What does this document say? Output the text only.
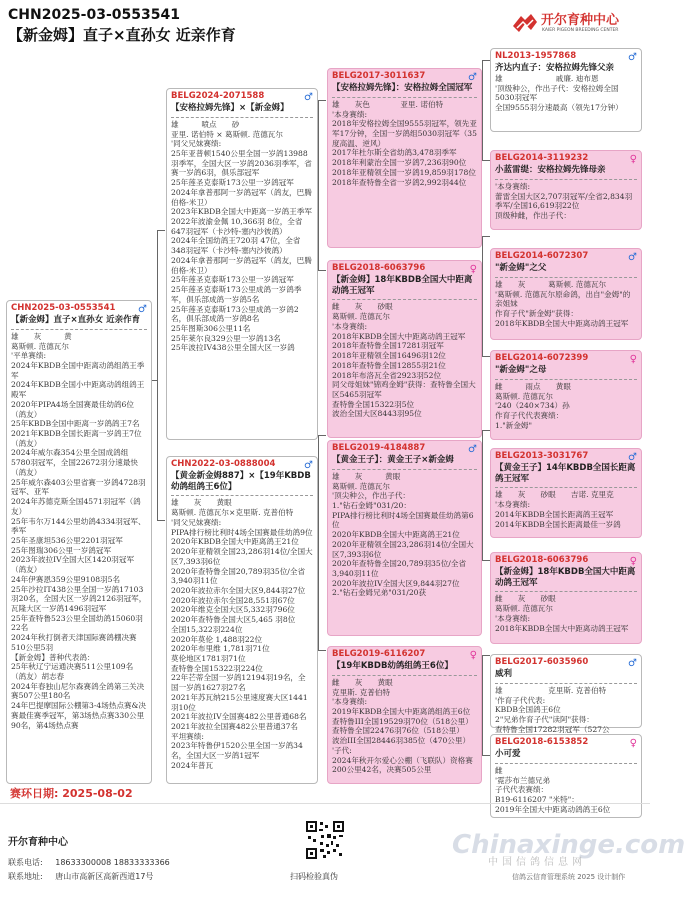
CHN2025-03-0553541
【新金姆】直子×直孙女 近亲作育
开尔育种中心
KAIER PIGEON BREEDING CENTER
CHN2025-03-0553541	♂
【新金姆】直子×直孙女 近亲作育
雄　　灰　　　黄
葛斯顿. 范德瓦尔
'平单赛绩:
2024年KBDB全国中距离动鸽组鸽王季军
2024年KBDB全国小中距离动鸽组鸽王殿军
2020年PIPA4场全国赛最佳幼鸽6位（鸽友）
25年KBDB全国中距离一岁鸽鸽王7名
2021年KBDB全国长距离一岁鸽王7位（鸽友）
2024年威尔森354公里全国成鸽组5780羽冠军，全国22672羽分速最快（鸽友）
25年威尔森403公里省赛一岁鸽4728羽冠军、亚军
2024年苏德克斯全国4571羽冠军（鸽友）
25年韦尔万144公里幼鸽4334羽冠军、季军
25年圣康坦536公里2201羽冠军
25年图瑞306公里一岁鸽冠军
2023年波拉IV全国大区1420羽冠军（鸽友）
24年伊赛恩359公里9108羽5名
25年沙拉IT438公里全国一岁鸽17103羽20名，全国大区一岁鸽2126羽冠军，瓦隆大区一岁鸽1496羽冠军
25年查特鲁523公里全国幼鸽15060羽22名
2024年秋打倒者天津国际赛鸽棚决赛510公里5羽
【新金姆】普种代表鸽：
25年秋辽宁运通决赛511公里109名（鸽友）胡志春
2024年春独山尼尔森赛鸽全鸽第三关决赛507公里180名
24年巴提摩国际公棚第3-4场热点赛&决赛最佳赛季冠军，第3场热点赛330公里90名，第4场热点赛
BELG2024-2071588	♂
【安格拉姆先锋】×【新金姆】
雄　　　喷点　　砂
亚里. 诺伯特 × 葛斯顿. 范德瓦尔
'同父兄妹赛绩:
25年亚普顿1540公里全国一岁鸽13988羽季军，全国大区一岁鸽2036羽季军，省赛一岁鸽6羽，俱乐部冠军
25年莲圣克泰斯173公里一岁鸽冠军
2024年拿普那阿一岁鸽冠军（鸽友，巴腾伯格-米卫）
2023年KBDB全国大中距离一岁鸽王季军
2022年波渝金佩 10,366羽 8位，全省647羽冠军（卡沙特-塞内沙彼鸽）
2024年全国幼鸽王720羽 47位，全省348羽冠军（卡沙特-塞内沙彼鸽）
2024年拿普那阿一岁鸽冠军（鸽友，巴腾伯格-米卫）
25年莲圣克泰斯173公里一岁鸽冠军
25年莲圣克泰斯173公里成鸽一岁鸽季军，俱乐部成鸽一岁鸽5名
25年莲圣克泰斯173公里成鸽一岁鸽2名，俱乐部成鸽一岁鸽8名
25年图斯306公里11名
25年莱尔良329公里一岁鸽13名
25年波拉IV438公里全国大区一岁鸽
CHN2022-03-0888004	♂
【黄金新金姆887】×【19年KBDB幼鸽组鸽王6位】
雄　　灰　　黄眼
葛斯顿. 范德瓦尔×克里斯. 克普伯特
'同父兄妹赛绩:
PIPA排行榜比利时4场全国赛最佳幼鸽9位
2020年KBDB全国大中距离鸽王21位
2020年亚精领全国23,286羽14位/全国大区7,393羽6位
2020年查特鲁全国20,789羽35位/全省3,940羽11位
2020年波拉赤尔全国大区9,844羽27位
2020年波拉赤尔全国28,551羽67位
2020年维克全国大区5,332羽796位
2020年查特鲁全国大区5,465 羽8位
全国15,322羽224位
2020年莫伦 1,488羽22位
2020年布里维 1,781羽71位
莫伦地区1781羽71位
查特鲁全国15322羽224位
22年芒蒂全国一岁鸽12194羽19名，全国一岁鸽1627羽27名
2021年苏瓦纳215公里速度赛大区1441羽10位
2021年波拉IV全国赛482公里普通68名
2021年波拉全国赛482公里普通37名
平坦赛绩:
2023年特鲁伊1520公里全国一岁鸽34名，全国大区一岁鸽1冠军
2024年普瓦
BELG2017-3011637	♂
【安格拉姆先锋】：安格拉姆全国冠军
雄　　灰色　　　　亚里. 诺伯特
'本身赛绩:
2018年安格拉姆全国9555羽冠军，领先亚军17分钟，全国一岁鸽组5030羽冠军（35度高温、逆风）
2017年杜尔斯全省幼鸽3,478羽季军
2018年利蒙治全国一岁鸽7,236羽90位
2018年亚精领全国一岁鸽19,859羽178位
2018年查特鲁全省一岁鸽2,992羽44位
BELG2018-6063796	♀
【新金姆】18年KBDB全国大中距离动鸽王冠军
雌　　灰　　砂眼
葛斯顿. 范德瓦尔
'本身赛绩:
2018年KBDB全国大中距离动鸽王冠军
2018年查特鲁全国17281羽冠军
2018年亚精领全国16496羽12位
2018年查特鲁全国12855羽21位
2018年布洛瓦全省2923羽52位
同父母姐妹"锦鸡金姆"获得：查特鲁全国大区5465羽冠军
查特鲁全国15322羽5位
波治全国大区8443羽95位
BELG2019-4184887	♂
【黄金王子】：黄金王子×新金姆
雄　　灰　　　黄眼
葛斯顿. 范德瓦尔
'顶尖种公，作出子代：
1."钻石金姆"031/20：
PIPA排行榜比利时4场全国赛最佳幼鸽第6位
2020年KBDB全国大中距离鸽王21位
2020年亚精领全国23,286羽14位/全国大区7,393羽6位
2020年查特鲁全国20,789羽35位/全省3,940羽11位
2020年波拉IV全国大区9,844羽27位
2."钻石金姆兄弟"031/20获
BELG2019-6116207	♀
【19年KBDB幼鸽组鸽王6位】
雌　　灰　　黄眼
克里斯. 克普伯特
'本身赛绩:
2019年KBDB全国大中距离鸽组鸽王6位
查特鲁III全国19529羽70位（518公里）
查特鲁全国22476羽76位（518公里）
波治III全国28446羽385位（470公里）
'子代:
2024年秋开尔爱心公棚（飞联队）资格赛200公里42名，决赛505公里
NL2013-1957868	♂
齐达内直子：安格拉姆先锋父亲
雄　　　　　　　戚廉. 迪布恩
'顶级种公，作出子代：安格拉姆全国5030羽冠军
全国9555羽分速最高（领先17分钟）
BELG2014-3119232	♀
小蓝雷缇：安格拉姆先锋母亲
'本身赛绩:
蕾雷全国大区2,707羽冠军/全省2,834羽季军/全国16,619羽22位
顶级种雌，作出子代：
BELG2014-6072307	♂
"新金姆"之父
雄　　灰　　　葛斯顿. 范德瓦尔
'葛斯顿. 范德瓦尔原命鸽，出自"金姆"的亲姐妹
作育子代"新金姆"获得：
2018年KBDB全国大中距离动鸽王冠军
BELG2014-6072399	♀
"新金姆"之母
雌　　　雨点　　黄眼
葛斯顿. 范德瓦尔
'240（240×734）孙
作育子代代表赛绩：
1."新金姆"
BELG2013-3031767	♂
【黄金王子】14年KBDB全国长距离鸽王冠军
雄　　灰　　砂眼　　吉诺. 克里克
'本身赛绩:
2014年KBDB全国长距离鸽王冠军
2014年KBDB全国长距离最佳一岁鸽
BELG2018-6063796	♀
【新金姆】18年KBDB全国大中距离动鸽王冠军
雌　　灰　　砂眼
葛斯顿. 范德瓦尔
'本身赛绩:
2018年KBDB全国大中距离动鸽王冠军
BELG2017-6035960	♂
威利
雄　　　　　　克里斯. 克普伯特
'作育子代代表:
KBDB全国鸽王6位
2"兄弟作育子代"读阿"获得：
查特鲁全国17282羽冠军（527公
BELG2018-6153852	♀
小可爱
雌
'霓莎布兰德兄弟
子代代表赛绩：
B19-6116207 "米特"：
2019年全国大中距离动鸽鸽王6位
赛环日期: 2025-08-02
开尔育种中心
联系电话: 18633300008 18833333366
联系地址: 唐山市高新区高新西道17号	扫码检验真伪
Chinaxinge.com
中国信鸽信息网
信鸽云信育管理系统 2025 设计制作
